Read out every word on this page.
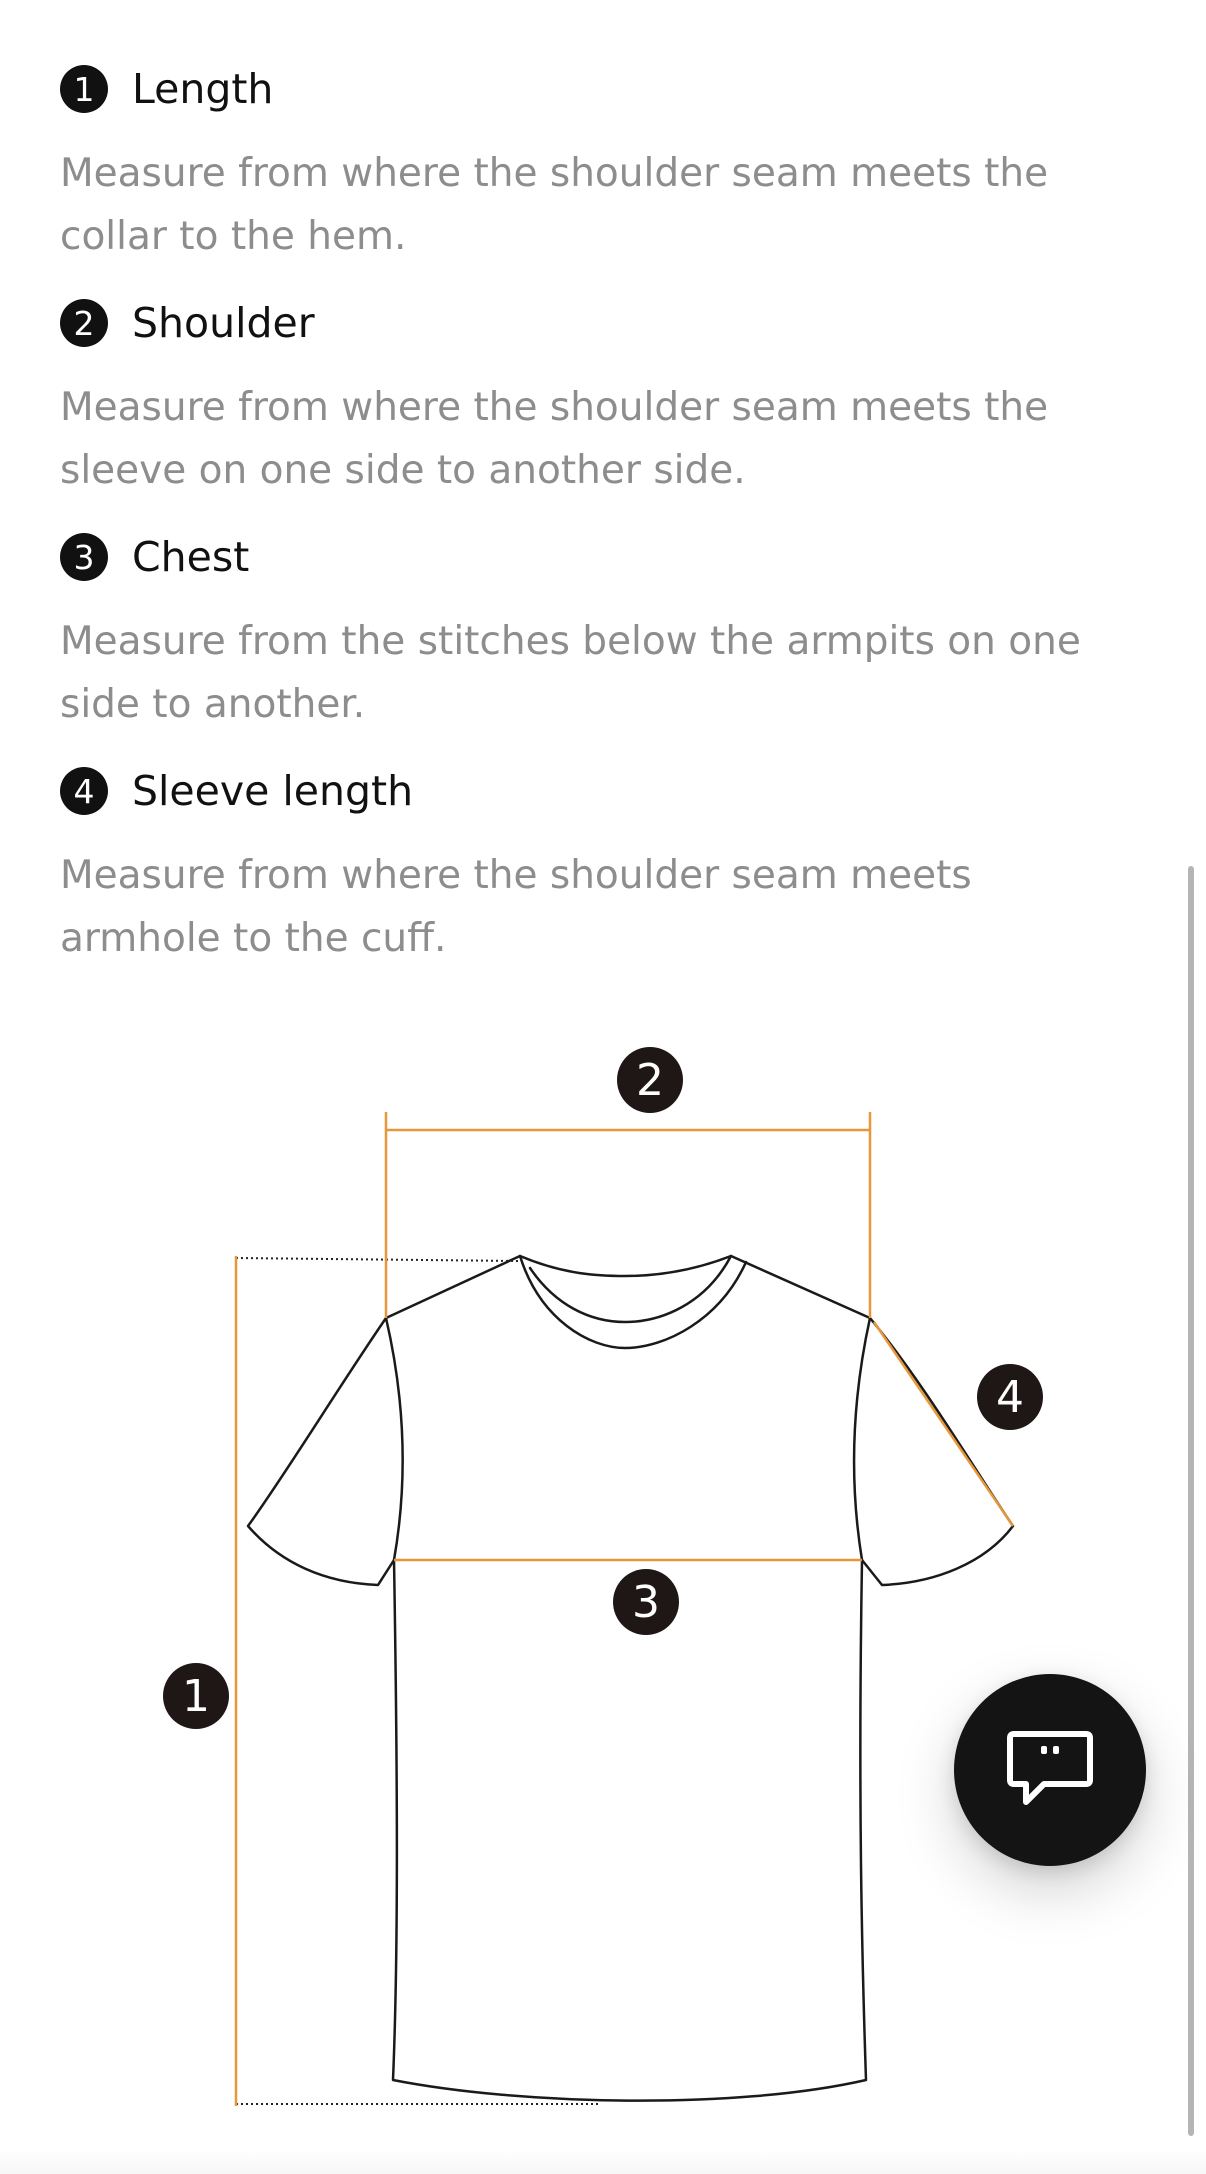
1 Length
Measure from where the shoulder seam meets the collar to the hem.
2 Shoulder
Measure from where the shoulder seam meets the sleeve on one side to another side.
3 Chest
Measure from the stitches below the armpits on one side to another.
4 Sleeve length
Measure from where the shoulder seam meets armhole to the cuff.
1
2
3
4
